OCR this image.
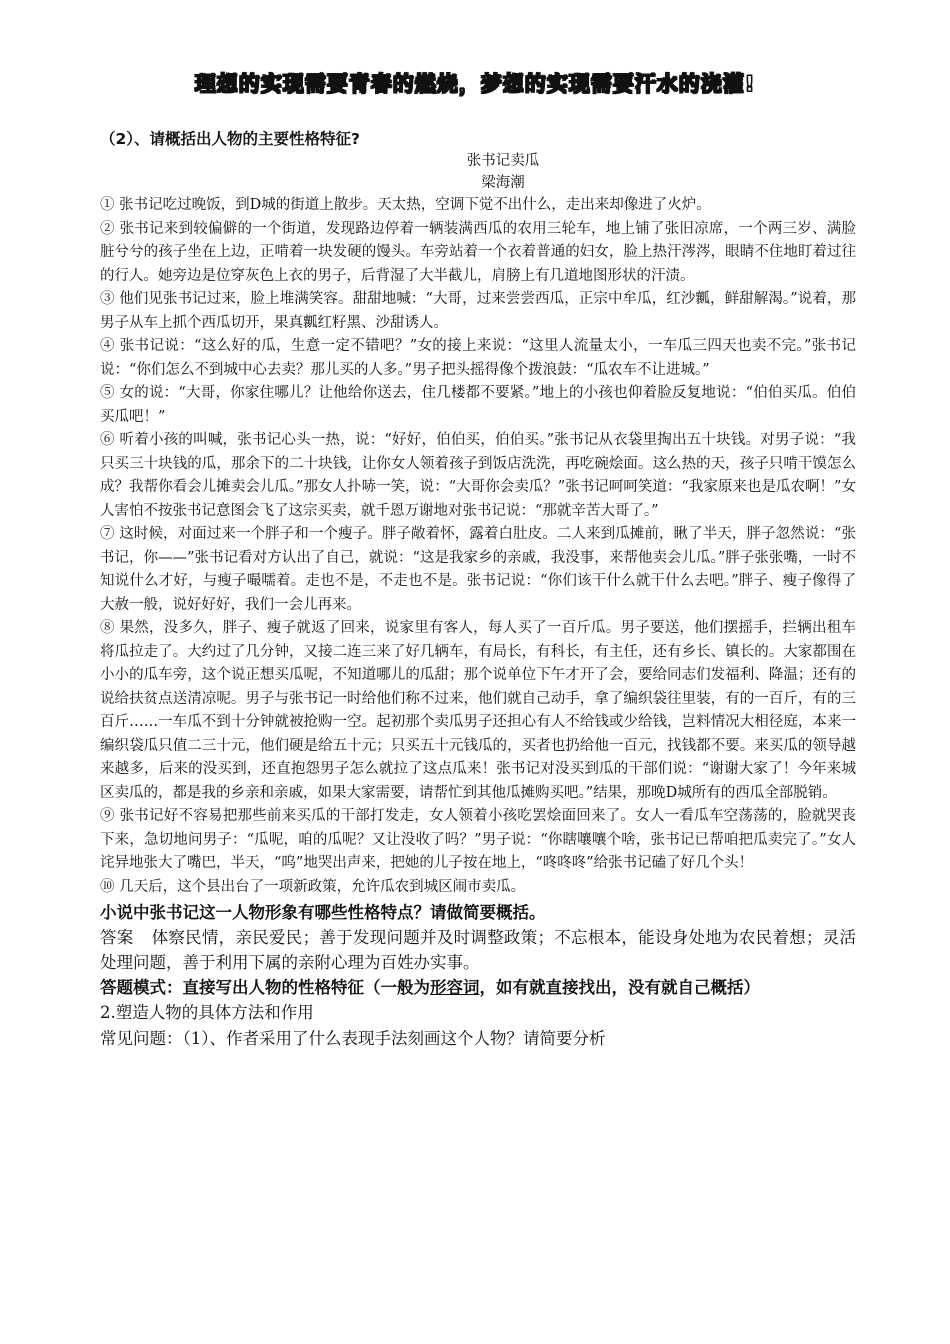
理想的实现需要青春的燃烧，梦想的实现需要汗水的浇灌!
（2）、请概括出人物的主要性格特征?
张书记卖瓜
梁海潮

① 张书记吃过晚饭，到D城的街道上散步。天太热，空调下觉不出什么，走出来却像进了火炉。

② 张书记来到较偏僻的一个街道，发现路边停着一辆装满西瓜的农用三轮车，地上铺了张旧凉席，一个两三岁、满脸脏兮兮的孩子坐在上边，正啃着一块发硬的馒头。车旁站着一个衣着普通的妇女，脸上热汗涔涔，眼睛不住地盯着过往的行人。她旁边是位穿灰色上衣的男子，后背湿了大半截儿，肩膀上有几道地图形状的汗渍。

③ 他们见张书记过来，脸上堆满笑容。甜甜地喊：“大哥，过来尝尝西瓜，正宗中牟瓜，红沙瓤，鲜甜解渴。”说着，那男子从车上抓个西瓜切开，果真瓤红籽黑、沙甜诱人。

④ 张书记说：“这么好的瓜，生意一定不错吧？”女的接上来说：“这里人流量太小，一车瓜三四天也卖不完。”张书记说：“你们怎么不到城中心去卖？那儿买的人多。”男子把头摇得像个拨浪鼓：“瓜农车不让进城。”

⑤ 女的说：“大哥，你家住哪儿？让他给你送去，住几楼都不要紧。”地上的小孩也仰着脸反复地说：“伯伯买瓜。伯伯买瓜吧！”

⑥ 听着小孩的叫喊，张书记心头一热，说：“好好，伯伯买，伯伯买。”张书记从衣袋里掏出五十块钱。对男子说：“我只买三十块钱的瓜，那余下的二十块钱，让你女人领着孩子到饭店洗洗，再吃碗烩面。这么热的天，孩子只啃干馍怎么成？我帮你看会儿摊卖会儿瓜。”那女人扑哧一笑，说：“大哥你会卖瓜？”张书记呵呵笑道：“我家原来也是瓜农啊！”女人害怕不按张书记意图会飞了这宗买卖，就千恩万谢地对张书记说：“那就辛苦大哥了。”

⑦ 这时候，对面过来一个胖子和一个瘦子。胖子敞着怀，露着白肚皮。二人来到瓜摊前，瞅了半天，胖子忽然说：“张书记，你——”张书记看对方认出了自己，就说：“这是我家乡的亲戚，我没事，来帮他卖会儿瓜。”胖子张张嘴，一时不知说什么才好，与瘦子嘬嚅着。走也不是，不走也不是。张书记说：“你们该干什么就干什么去吧。”胖子、瘦子像得了大赦一般，说好好好，我们一会儿再来。

⑧ 果然，没多久，胖子、瘦子就返了回来，说家里有客人，每人买了一百斤瓜。男子要送，他们摆摇手，拦辆出租车将瓜拉走了。大约过了几分钟，又接二连三来了好几辆车，有局长，有科长，有主任，还有乡长、镇长的。大家都围在小小的瓜车旁，这个说正想买瓜呢，不知道哪儿的瓜甜；那个说单位下午才开了会，要给同志们发福利、降温；还有的说给扶贫点送清凉呢。男子与张书记一时给他们称不过来，他们就自己动手，拿了编织袋往里装，有的一百斤，有的三百斤……一车瓜不到十分钟就被抢购一空。起初那个卖瓜男子还担心有人不给钱或少给钱，岂料情况大相径庭，本来一编织袋瓜只值二三十元，他们硬是给五十元；只买五十元钱瓜的，买者也扔给他一百元，找钱都不要。来买瓜的领导越来越多，后来的没买到，还直抱怨男子怎么就拉了这点瓜来！张书记对没买到瓜的干部们说：“谢谢大家了！今年来城区卖瓜的，都是我的乡亲和亲戚，如果大家需要，请帮忙到其他瓜摊购买吧。”结果，那晚D城所有的西瓜全部脱销。

⑨ 张书记好不容易把那些前来买瓜的干部打发走，女人领着小孩吃罢烩面回来了。女人一看瓜车空荡荡的，脸就哭丧下来，急切地问男子：“瓜呢，咱的瓜呢？又让没收了吗？”男子说：“你瞎嚷嚷个啥，张书记已帮咱把瓜卖完了。”女人诧异地张大了嘴巴，半天，“呜”地哭出声来，把她的儿子按在地上，“咚咚咚”给张书记磕了好几个头！

⑩ 几天后，这个县出台了一项新政策，允许瓜农到城区闹市卖瓜。

小说中张书记这一人物形象有哪些性格特点？请做简要概括。

答案 体察民情，亲民爱民；善于发现问题并及时调整政策；不忘根本，能设身处地为农民着想；灵活处理问题，善于利用下属的亲附心理为百姓办实事。

答题模式：直接写出人物的性格特征（一般为形容词，如有就直接找出，没有就自己概括）

2.塑造人物的具体方法和作用

常见问题：（1）、作者采用了什么表现手法刻画这个人物？请简要分析
